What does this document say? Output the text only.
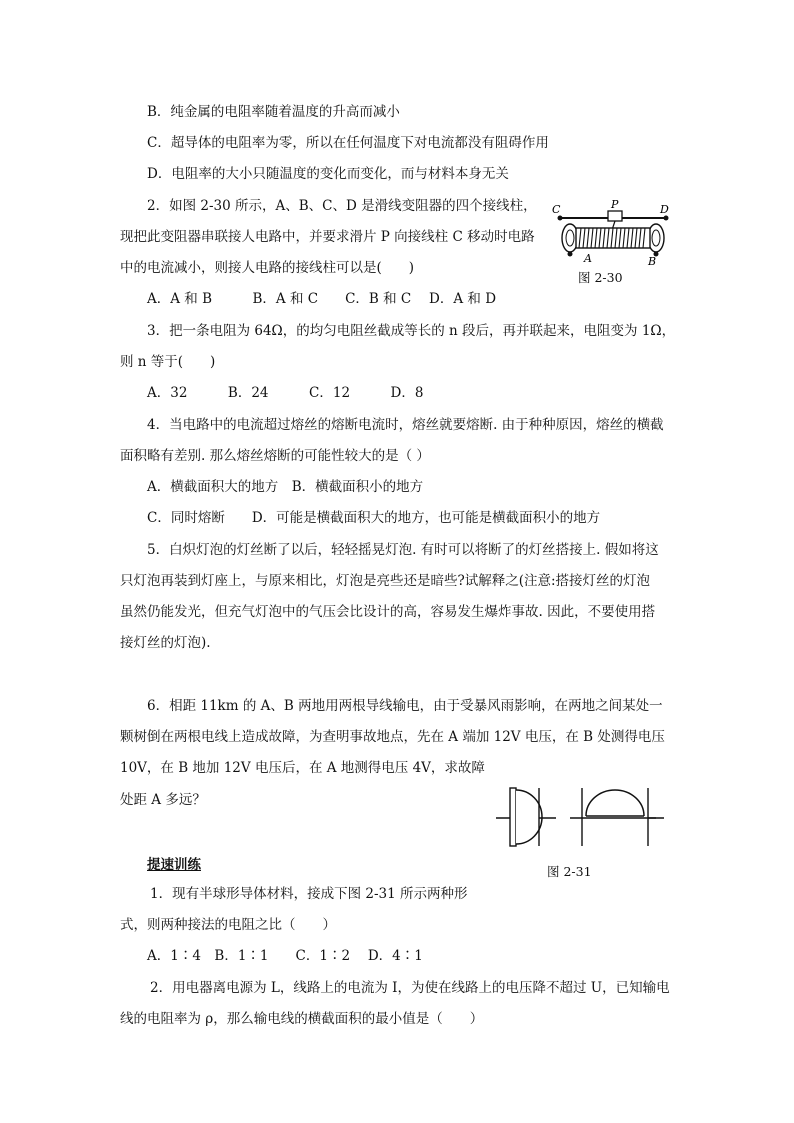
B．纯金属的电阻率随着温度的升高而减小
C．超导体的电阻率为零，所以在任何温度下对电流都没有阻碍作用
D．电阻率的大小只随温度的变化而变化，而与材料本身无关
2．如图 2-30 所示，A、B、C、D 是滑线变阻器的四个接线柱，
现把此变阻器串联接人电路中，并要求滑片 P 向接线柱 C 移动时电路
中的电流减小，则接人电路的接线柱可以是(　　)
A．A 和 B　　　B．A 和 C　　C．B 和 C　 D．A 和 D
3．把一条电阻为 64Ω，的均匀电阻丝截成等长的 n 段后，再并联起来，电阻变为 1Ω，
则 n 等于(　　)
A．32　　　B．24　　　C．12　　　D．8
4．当电路中的电流超过熔丝的熔断电流时，熔丝就要熔断. 由于种种原因，熔丝的横截
面积略有差别. 那么熔丝熔断的可能性较大的是（ ）
A．横截面积大的地方　B．横截面积小的地方
C．同时熔断　　D．可能是横截面积大的地方，也可能是横截面积小的地方
5．白炽灯泡的灯丝断了以后，轻轻摇晃灯泡. 有时可以将断了的灯丝搭接上. 假如将这
只灯泡再装到灯座上，与原来相比，灯泡是亮些还是暗些?试解释之(注意:搭接灯丝的灯泡
虽然仍能发光，但充气灯泡中的气压会比设计的高，容易发生爆炸事故. 因此，不要使用搭
接灯丝的灯泡).
6．相距 11km 的 A、B 两地用两根导线输电，由于受暴风雨影响，在两地之间某处一
颗树倒在两根电线上造成故障，为查明事故地点，先在 A 端加 12V 电压，在 B 处测得电压
10V，在 B 地加 12V 电压后，在 A 地测得电压 4V，求故障
处距 A 多远？
提速训练
1．现有半球形导体材料，接成下图 2-31 所示两种形
式，则两种接法的电阻之比（　　）
A．1∶4　B．1∶1　　C．1∶2　 D．4∶1
2．用电器离电源为 L，线路上的电流为 I，为使在线路上的电压降不超过 U，已知输电
线的电阻率为 ρ，那么输电线的横截面积的最小值是（　　）
C	P	D
A	B
图 2-30
图 2-31
